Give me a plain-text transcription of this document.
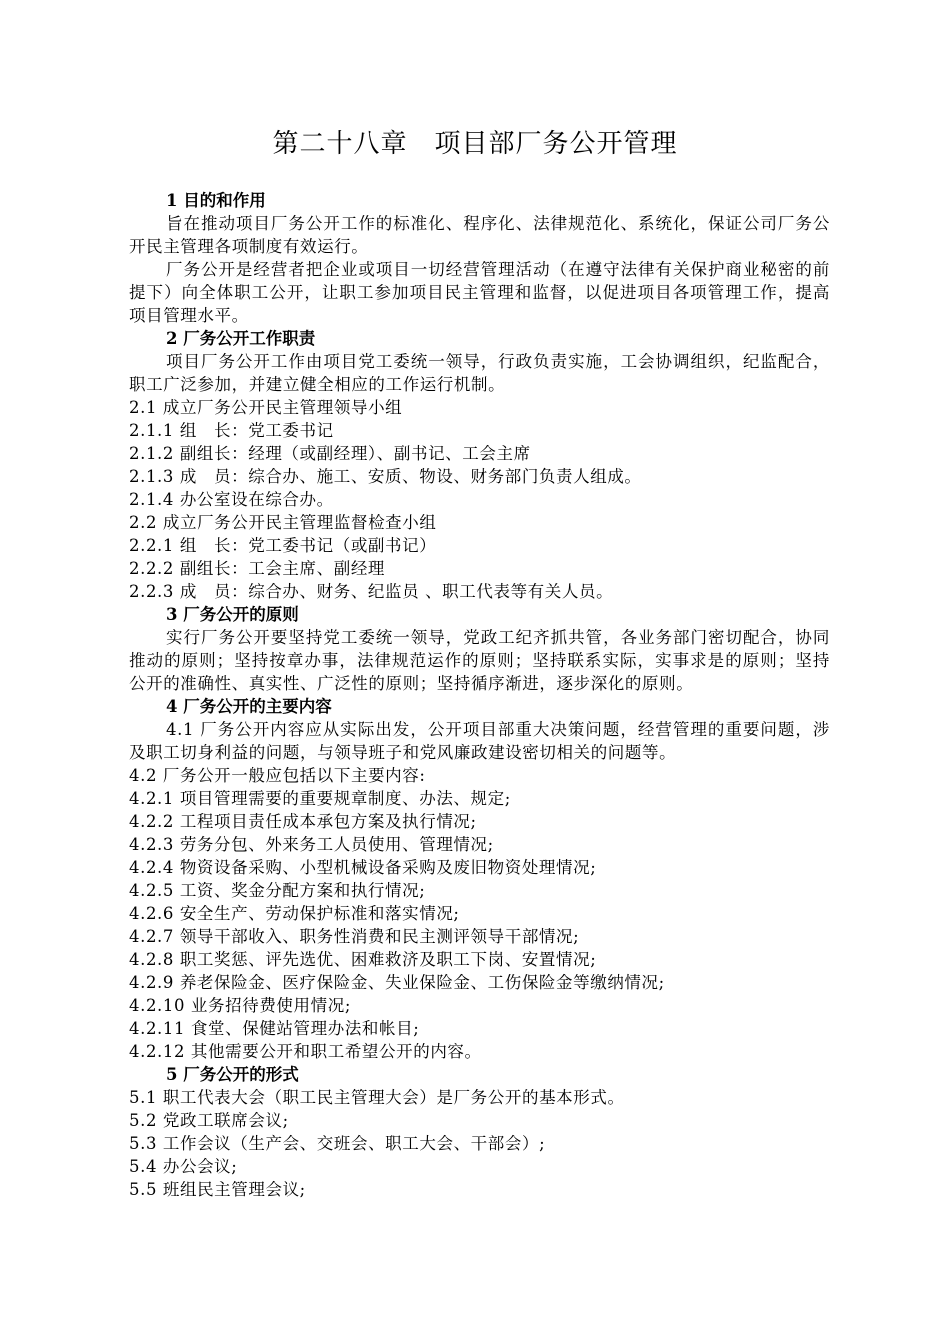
第二十八章　项目部厂务公开管理

1 目的和作用

旨在推动项目厂务公开工作的标准化、程序化、法律规范化、系统化，保证公司厂务公开民主管理各项制度有效运行。

厂务公开是经营者把企业或项目一切经营管理活动（在遵守法律有关保护商业秘密的前提下）向全体职工公开，让职工参加项目民主管理和监督，以促进项目各项管理工作，提高项目管理水平。

2 厂务公开工作职责

项目厂务公开工作由项目党工委统一领导，行政负责实施，工会协调组织，纪监配合，职工广泛参加，并建立健全相应的工作运行机制。

2.1 成立厂务公开民主管理领导小组

2.1.1 组　长：党工委书记

2.1.2 副组长：经理（或副经理）、副书记、工会主席

2.1.3 成　员：综合办、施工、安质、物设、财务部门负责人组成。

2.1.4 办公室设在综合办。

2.2 成立厂务公开民主管理监督检查小组

2.2.1 组　长：党工委书记（或副书记）

2.2.2 副组长：工会主席、副经理

2.2.3 成　员：综合办、财务、纪监员 、职工代表等有关人员。

3 厂务公开的原则

实行厂务公开要坚持党工委统一领导，党政工纪齐抓共管，各业务部门密切配合，协同推动的原则；坚持按章办事，法律规范运作的原则；坚持联系实际，实事求是的原则；坚持公开的准确性、真实性、广泛性的原则；坚持循序渐进，逐步深化的原则。

4 厂务公开的主要内容

4.1 厂务公开内容应从实际出发，公开项目部重大决策问题，经营管理的重要问题，涉及职工切身利益的问题，与领导班子和党风廉政建设密切相关的问题等。

4.2 厂务公开一般应包括以下主要内容:

4.2.1 项目管理需要的重要规章制度、办法、规定;

4.2.2 工程项目责任成本承包方案及执行情况;

4.2.3 劳务分包、外来务工人员使用、管理情况;

4.2.4 物资设备采购、小型机械设备采购及废旧物资处理情况;

4.2.5 工资、奖金分配方案和执行情况;

4.2.6 安全生产、劳动保护标准和落实情况;

4.2.7 领导干部收入、职务性消费和民主测评领导干部情况;

4.2.8 职工奖惩、评先选优、困难救济及职工下岗、安置情况;

4.2.9 养老保险金、医疗保险金、失业保险金、工伤保险金等缴纳情况;

4.2.10 业务招待费使用情况;

4.2.11 食堂、保健站管理办法和帐目;

4.2.12 其他需要公开和职工希望公开的内容。

5 厂务公开的形式

5.1 职工代表大会（职工民主管理大会）是厂务公开的基本形式。

5.2 党政工联席会议;

5.3 工作会议（生产会、交班会、职工大会、干部会）;

5.4 办公会议;

5.5 班组民主管理会议;
